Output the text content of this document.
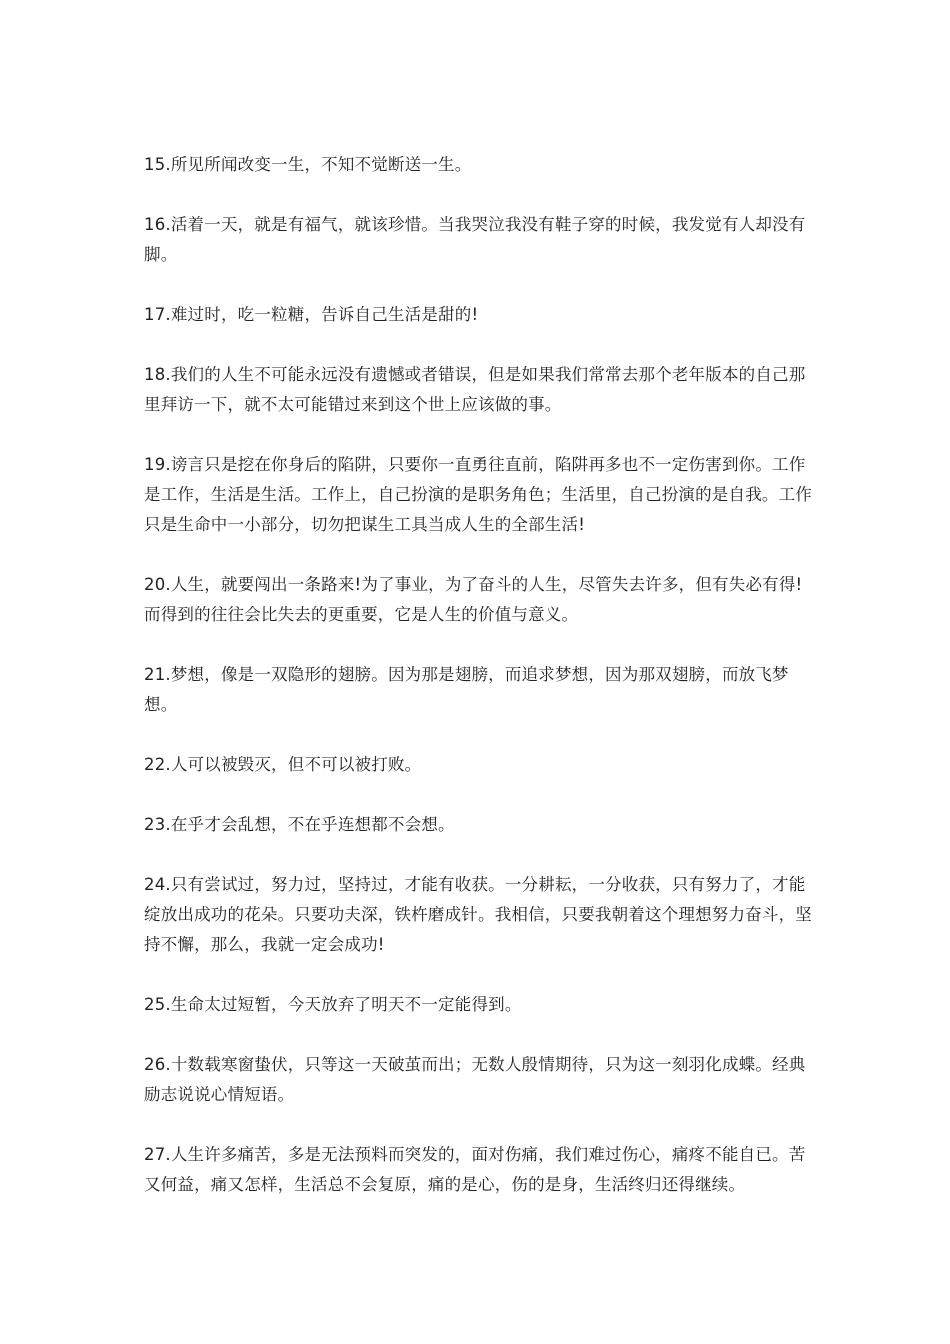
15.所见所闻改变一生，不知不觉断送一生。

16.活着一天，就是有福气，就该珍惜。当我哭泣我没有鞋子穿的时候，我发觉有人却没有脚。

17.难过时，吃一粒糖，告诉自己生活是甜的!

18.我们的人生不可能永远没有遗憾或者错误，但是如果我们常常去那个老年版本的自己那里拜访一下，就不太可能错过来到这个世上应该做的事。

19.谤言只是挖在你身后的陷阱，只要你一直勇往直前，陷阱再多也不一定伤害到你。工作是工作，生活是生活。工作上，自己扮演的是职务角色；生活里，自己扮演的是自我。工作只是生命中一小部分，切勿把谋生工具当成人生的全部生活!

20.人生，就要闯出一条路来!为了事业，为了奋斗的人生，尽管失去许多，但有失必有得!而得到的往往会比失去的更重要，它是人生的价值与意义。

21.梦想，像是一双隐形的翅膀。因为那是翅膀，而追求梦想，因为那双翅膀，而放飞梦想。

22.人可以被毁灭，但不可以被打败。

23.在乎才会乱想，不在乎连想都不会想。

24.只有尝试过，努力过，坚持过，才能有收获。一分耕耘，一分收获，只有努力了，才能绽放出成功的花朵。只要功夫深，铁杵磨成针。我相信，只要我朝着这个理想努力奋斗，坚持不懈，那么，我就一定会成功!

25.生命太过短暂，今天放弃了明天不一定能得到。

26.十数载寒窗蛰伏，只等这一天破茧而出；无数人殷情期待，只为这一刻羽化成蝶。经典励志说说心情短语。

27.人生许多痛苦，多是无法预料而突发的，面对伤痛，我们难过伤心，痛疼不能自已。苦又何益，痛又怎样，生活总不会复原，痛的是心，伤的是身，生活终归还得继续。
